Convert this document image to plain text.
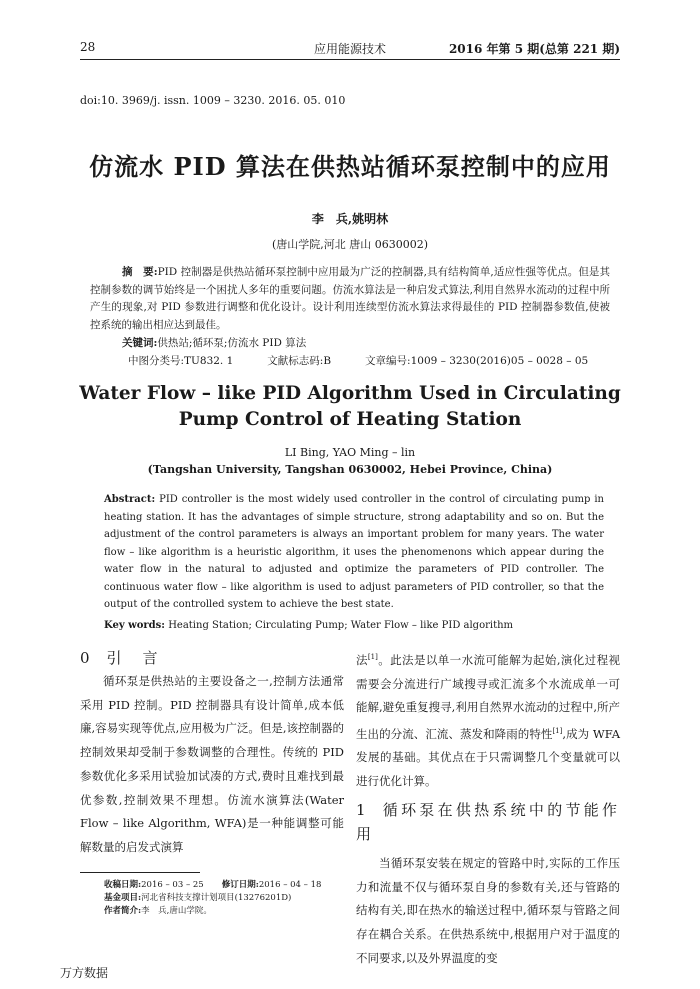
28	应用能源技术	2016 年第 5 期(总第 221 期)
doi:10. 3969/j. issn. 1009 – 3230. 2016. 05. 010
仿流水 PID 算法在供热站循环泵控制中的应用
李　兵,姚明林
(唐山学院,河北 唐山 0630002)
摘　要:PID 控制器是供热站循环泵控制中应用最为广泛的控制器,具有结构简单,适应性强等优点。但是其控制参数的调节始终是一个困扰人多年的重要问题。仿流水算法是一种启发式算法,利用自然界水流动的过程中所产生的现象,对 PID 参数进行调整和优化设计。设计利用连续型仿流水算法求得最佳的 PID 控制器参数值,使被控系统的输出相应达到最佳。
关键词:供热站;循环泵;仿流水 PID 算法
中图分类号:TU832. 1	文献标志码:B	文章编号:1009 – 3230(2016)05 – 0028 – 05
Water Flow – like PID Algorithm Used in Circulating
Pump Control of Heating Station
LI Bing, YAO Ming – lin
(Tangshan University, Tangshan 0630002, Hebei Province, China)
Abstract: PID controller is the most widely used controller in the control of circulating pump in heating station. It has the advantages of simple structure, strong adaptability and so on. But the adjustment of the control parameters is always an important problem for many years. The water flow – like algorithm is a heuristic algorithm, it uses the phenomenons which appear during the water flow in the natural to adjusted and optimize the parameters of PID controller. The continuous water flow – like algorithm is used to adjust parameters of PID controller, so that the output of the controlled system to achieve the best state.
Key words: Heating Station; Circulating Pump; Water Flow – like PID algorithm

0 引　言

循环泵是供热站的主要设备之一,控制方法通常采用 PID 控制。PID 控制器具有设计简单,成本低廉,容易实现等优点,应用极为广泛。但是,该控制器的控制效果却受制于参数调整的合理性。传统的 PID 参数优化多采用试验加试凑的方式,费时且难找到最优参数,控制效果不理想。仿流水演算法(Water Flow – like Algorithm, WFA)是一种能调整可能解数量的启发式演算

法[1]。此法是以单一水流可能解为起始,演化过程视需要会分流进行广域搜寻或汇流多个水流成单一可能解,避免重复搜寻,利用自然界水流动的过程中,所产生出的分流、汇流、蒸发和降雨的特性[1],成为 WFA 发展的基础。其优点在于只需调整几个变量就可以进行优化计算。

1 循环泵在供热系统中的节能作用

当循环泵安装在规定的管路中时,实际的工作压力和流量不仅与循环泵自身的参数有关,还与管路的结构有关,即在热水的输送过程中,循环泵与管路之间存在耦合关系。在供热系统中,根据用户对于温度的不同要求,以及外界温度的变

收稿日期:2016 – 03 – 25 修订日期:2016 – 04 – 18
基金项目:河北省科技支撑计划项目(13276201D)
作者简介:李　兵,唐山学院。
万方数据
